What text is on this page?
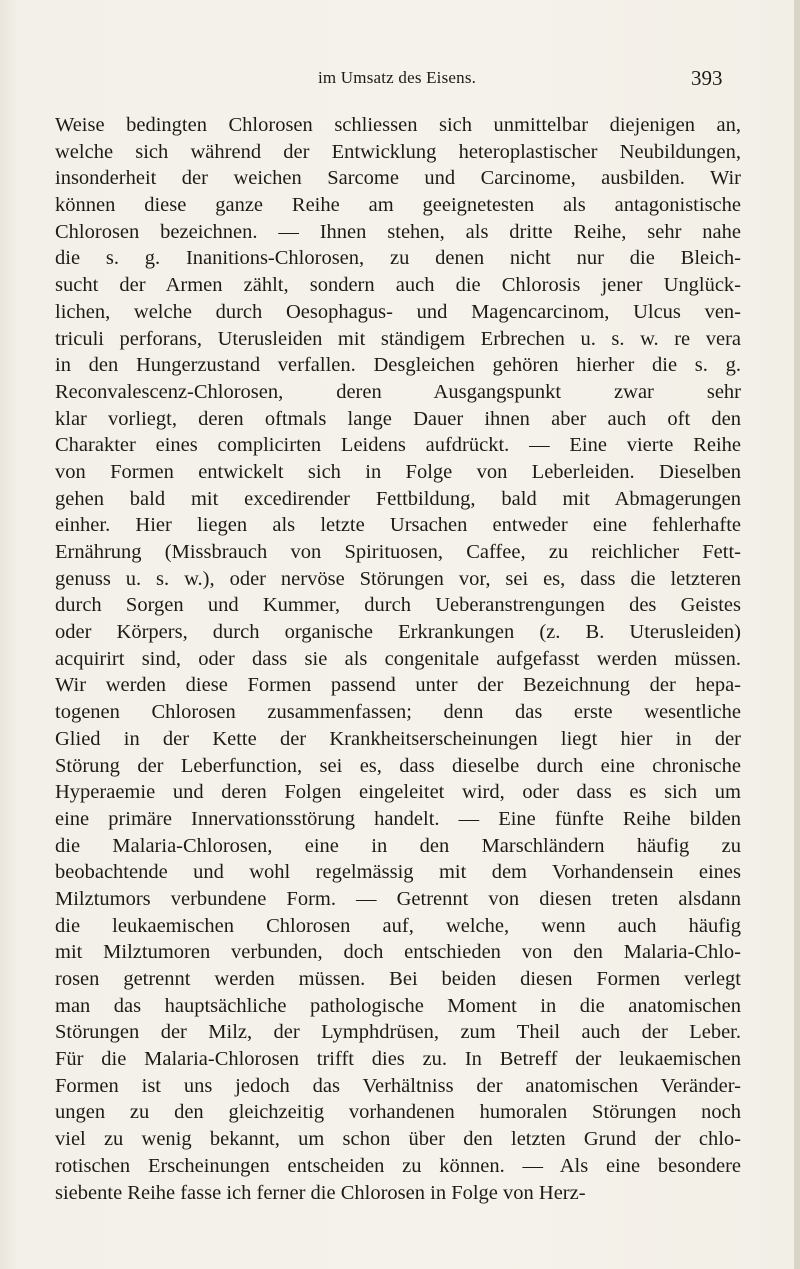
im Umsatz des Eisens.	393
Weise bedingten Chlorosen schliessen sich unmittelbar diejenigen an,
welche sich während der Entwicklung heteroplastischer Neubildungen,
insonderheit der weichen Sarcome und Carcinome, ausbilden. Wir
können diese ganze Reihe am geeignetesten als antagonistische
Chlorosen bezeichnen. — Ihnen stehen, als dritte Reihe, sehr nahe
die s. g. Inanitions-Chlorosen, zu denen nicht nur die Bleich-
sucht der Armen zählt, sondern auch die Chlorosis jener Unglück-
lichen, welche durch Oesophagus- und Magencarcinom, Ulcus ven-
triculi perforans, Uterusleiden mit ständigem Erbrechen u. s. w. re vera
in den Hungerzustand verfallen. Desgleichen gehören hierher die s. g.
Reconvalescenz-Chlorosen, deren Ausgangspunkt zwar sehr
klar vorliegt, deren oftmals lange Dauer ihnen aber auch oft den
Charakter eines complicirten Leidens aufdrückt. — Eine vierte Reihe
von Formen entwickelt sich in Folge von Leberleiden. Dieselben
gehen bald mit excedirender Fettbildung, bald mit Abmagerungen
einher. Hier liegen als letzte Ursachen entweder eine fehlerhafte
Ernährung (Missbrauch von Spirituosen, Caffee, zu reichlicher Fett-
genuss u. s. w.), oder nervöse Störungen vor, sei es, dass die letzteren
durch Sorgen und Kummer, durch Ueberanstrengungen des Geistes
oder Körpers, durch organische Erkrankungen (z. B. Uterusleiden)
acquirirt sind, oder dass sie als congenitale aufgefasst werden müssen.
Wir werden diese Formen passend unter der Bezeichnung der hepa-
togenen Chlorosen zusammenfassen; denn das erste wesentliche
Glied in der Kette der Krankheitserscheinungen liegt hier in der
Störung der Leberfunction, sei es, dass dieselbe durch eine chronische
Hyperaemie und deren Folgen eingeleitet wird, oder dass es sich um
eine primäre Innervationsstörung handelt. — Eine fünfte Reihe bilden
die Malaria-Chlorosen, eine in den Marschländern häufig zu
beobachtende und wohl regelmässig mit dem Vorhandensein eines
Milztumors verbundene Form. — Getrennt von diesen treten alsdann
die leukaemischen Chlorosen auf, welche, wenn auch häufig
mit Milztumoren verbunden, doch entschieden von den Malaria-Chlo-
rosen getrennt werden müssen. Bei beiden diesen Formen verlegt
man das hauptsächliche pathologische Moment in die anatomischen
Störungen der Milz, der Lymphdrüsen, zum Theil auch der Leber.
Für die Malaria-Chlorosen trifft dies zu. In Betreff der leukaemischen
Formen ist uns jedoch das Verhältniss der anatomischen Veränder-
ungen zu den gleichzeitig vorhandenen humoralen Störungen noch
viel zu wenig bekannt, um schon über den letzten Grund der chlo-
rotischen Erscheinungen entscheiden zu können. — Als eine besondere
siebente Reihe fasse ich ferner die Chlorosen in Folge von Herz-
